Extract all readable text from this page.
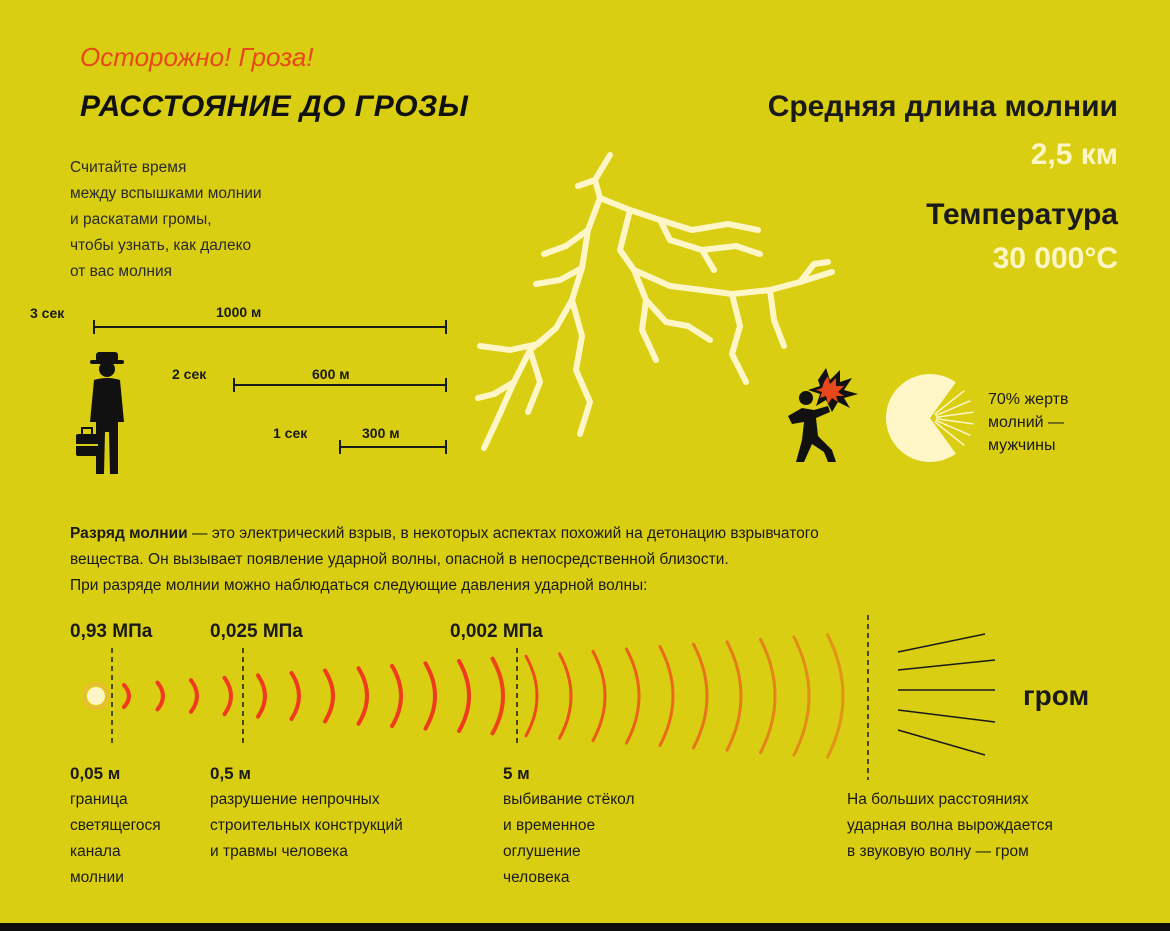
Осторожно! Гроза!
РАССТОЯНИЕ ДО ГРОЗЫ
Считайте время
между вспышками молнии
и раскатами громы,
чтобы узнать, как далеко
от вас молния
3 сек	1000 м
2 сек	600 м
1 сек	300 м
Средняя длина молнии
2,5 км
Температура
30 000°С
70% жертв
молний —
мужчины
Разряд молнии — это электрический взрыв, в некоторых аспектах похожий на детонацию взрывчатого
вещества. Он вызывает появление ударной волны, опасной в непосредственной близости.
При разряде молнии можно наблюдаться следующие давления ударной волны:
0,93 МПа	0,025 МПа	0,002 МПа
гром
0,05 м	0,5 м	5 м
граница
светящегося
канала
молнии
разрушение непрочных
строительных конструкций
и травмы человека
выбивание стёкол
и временное
оглушение
человека
На больших расстояниях
ударная волна вырождается
в звуковую волну — гром
